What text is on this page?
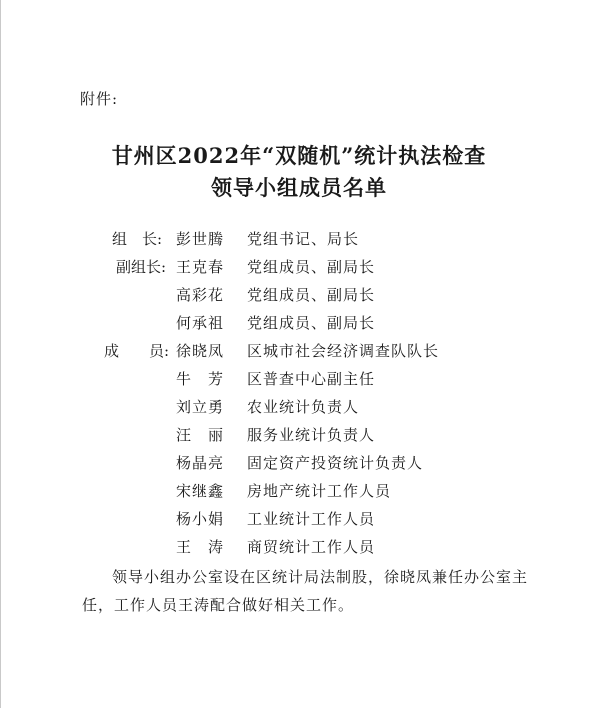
附件:
甘州区2022年“双随机”统计执法检查
领导小组成员名单
组　长: 彭世腾	党组书记、局长
副组长: 王克春	党组成员、副局长
高彩花	党组成员、副局长
何承祖	党组成员、副局长
成　　员: 徐晓凤	区城市社会经济调查队队长
牛　芳	区普查中心副主任
刘立勇	农业统计负责人
汪　丽	服务业统计负责人
杨晶亮	固定资产投资统计负责人
宋继鑫	房地产统计工作人员
杨小娟	工业统计工作人员
王　涛	商贸统计工作人员
领导小组办公室设在区统计局法制股，徐晓凤兼任办公室主
任，工作人员王涛配合做好相关工作。
